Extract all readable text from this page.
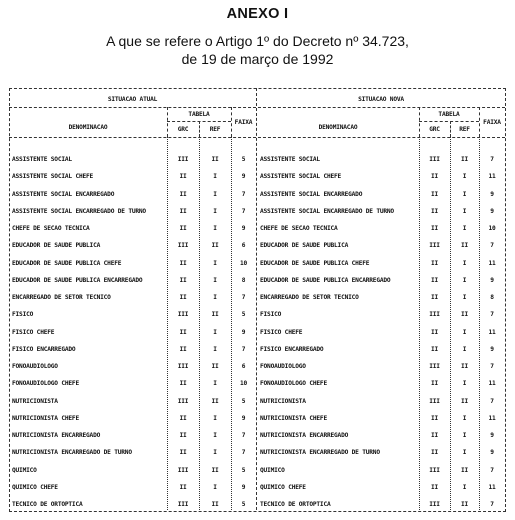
ANEXO I
A que se refere o Artigo 1º do Decreto nº 34.723,
de 19 de março de 1992
SITUACAO ATUAL	SITUACAO NOVA
DENOMINACAO
TABELA
GRC	REF
FAIXA
DENOMINACAO
TABELA
GRC	REF
FAIXA
ASSISTENTE SOCIAL	III	II	5	ASSISTENTE SOCIAL	III	II	7
ASSISTENTE SOCIAL CHEFE	II	I	9	ASSISTENTE SOCIAL CHEFE	II	I	11
ASSISTENTE SOCIAL ENCARREGADO	II	I	7	ASSISTENTE SOCIAL ENCARREGADO	II	I	9
ASSISTENTE SOCIAL ENCARREGADO DE TURNO	II	I	7	ASSISTENTE SOCIAL ENCARREGADO DE TURNO	II	I	9
CHEFE DE SECAO TECNICA	II	I	9	CHEFE DE SECAO TECNICA	II	I	10
EDUCADOR DE SAUDE PUBLICA	III	II	6	EDUCADOR DE SAUDE PUBLICA	III	II	7
EDUCADOR DE SAUDE PUBLICA CHEFE	II	I	10	EDUCADOR DE SAUDE PUBLICA CHEFE	II	I	11
EDUCADOR DE SAUDE PUBLICA ENCARREGADO	II	I	8	EDUCADOR DE SAUDE PUBLICA ENCARREGADO	II	I	9
ENCARREGADO DE SETOR TECNICO	II	I	7	ENCARREGADO DE SETOR TECNICO	II	I	8
FISICO	III	II	5	FISICO	III	II	7
FISICO CHEFE	II	I	9	FISICO CHEFE	II	I	11
FISICO ENCARREGADO	II	I	7	FISICO ENCARREGADO	II	I	9
FONOAUDIOLOGO	III	II	6	FONOAUDIOLOGO	III	II	7
FONOAUDIOLOGO CHEFE	II	I	10	FONOAUDIOLOGO CHEFE	II	I	11
NUTRICIONISTA	III	II	5	NUTRICIONISTA	III	II	7
NUTRICIONISTA CHEFE	II	I	9	NUTRICIONISTA CHEFE	II	I	11
NUTRICIONISTA ENCARREGADO	II	I	7	NUTRICIONISTA ENCARREGADO	II	I	9
NUTRICIONISTA ENCARREGADO DE TURNO	II	I	7	NUTRICIONISTA ENCARREGADO DE TURNO	II	I	9
QUIMICO	III	II	5	QUIMICO	III	II	7
QUIMICO CHEFE	II	I	9	QUIMICO CHEFE	II	I	11
TECNICO DE ORTOPTICA	III	II	5	TECNICO DE ORTOPTICA	III	II	7
